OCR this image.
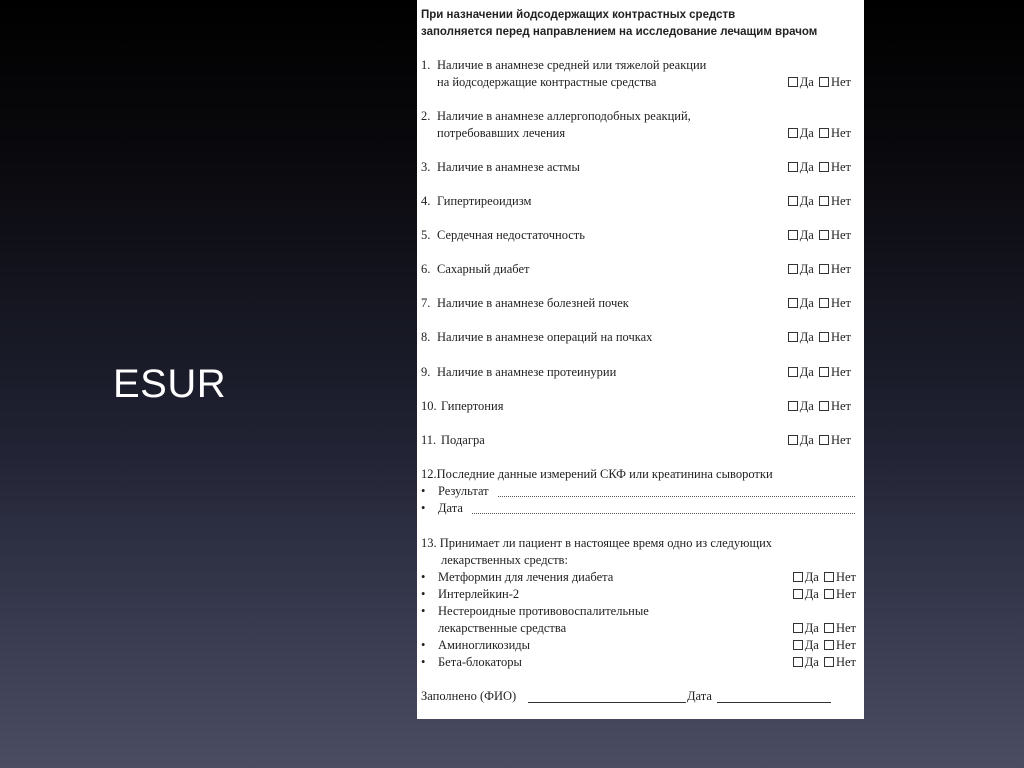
ESUR
При назначении йодсодержащих контрастных средств
заполняется перед направлением на исследование лечащим врачом
1. Наличие в анамнезе средней или тяжелой реакции
на йодсодержащие контрастные средства	Да Нет
2. Наличие в анамнезе аллергоподобных реакций,
потребовавших лечения	Да Нет
3. Наличие в анамнезе астмы	Да Нет
4. Гипертиреоидизм	Да Нет
5. Сердечная недостаточность	Да Нет
6. Сахарный диабет	Да Нет
7. Наличие в анамнезе болезней почек	Да Нет
8. Наличие в анамнезе операций на почках	Да Нет
9. Наличие в анамнезе протеинурии	Да Нет
10. Гипертония	Да Нет
11. Подагра	Да Нет
12.Последние данные измерений СКФ или креатинина сыворотки
•	Результат
•	Дата
13. Принимает ли пациент в настоящее время одно из следующих
лекарственных средств:
•	Метформин для лечения диабета	Да Нет
•	Интерлейкин-2	Да Нет
•	Нестероидные противовоспалительные
лекарственные средства	Да Нет
•	Аминогликозиды	Да Нет
•	Бета-блокаторы	Да Нет
Заполнено (ФИО)	Дата
